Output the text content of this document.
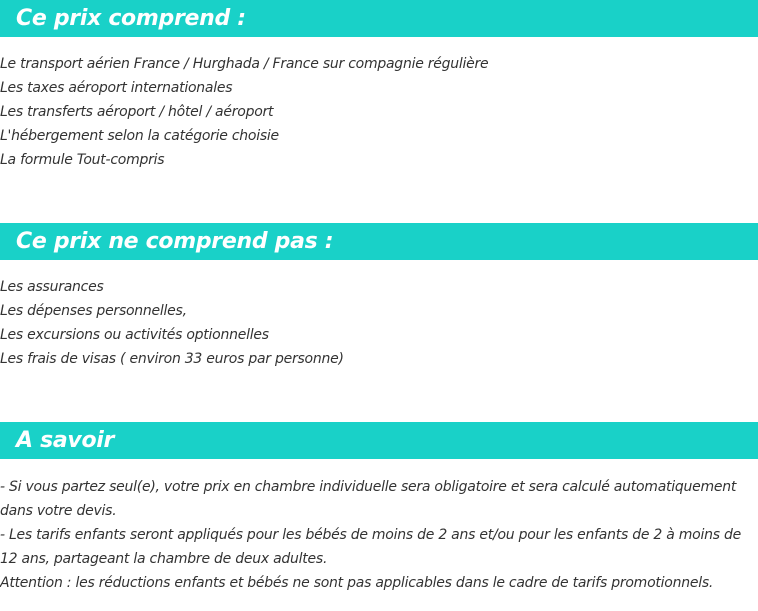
Ce prix comprend :
Le transport aérien France / Hurghada / France sur compagnie régulière
Les taxes aéroport internationales
Les transferts aéroport / hôtel / aéroport
L'hébergement selon la catégorie choisie
La formule Tout-compris
Ce prix ne comprend pas :
Les assurances
Les dépenses personnelles,
Les excursions ou activités optionnelles
Les frais de visas ( environ 33 euros par personne)
A savoir

- Si vous partez seul(e), votre prix en chambre individuelle sera obligatoire et sera calculé automatiquement dans votre devis.

- Les tarifs enfants seront appliqués pour les bébés de moins de 2 ans et/ou pour les enfants de 2 à moins de 12 ans, partageant la chambre de deux adultes.

Attention : les réductions enfants et bébés ne sont pas applicables dans le cadre de tarifs promotionnels.
